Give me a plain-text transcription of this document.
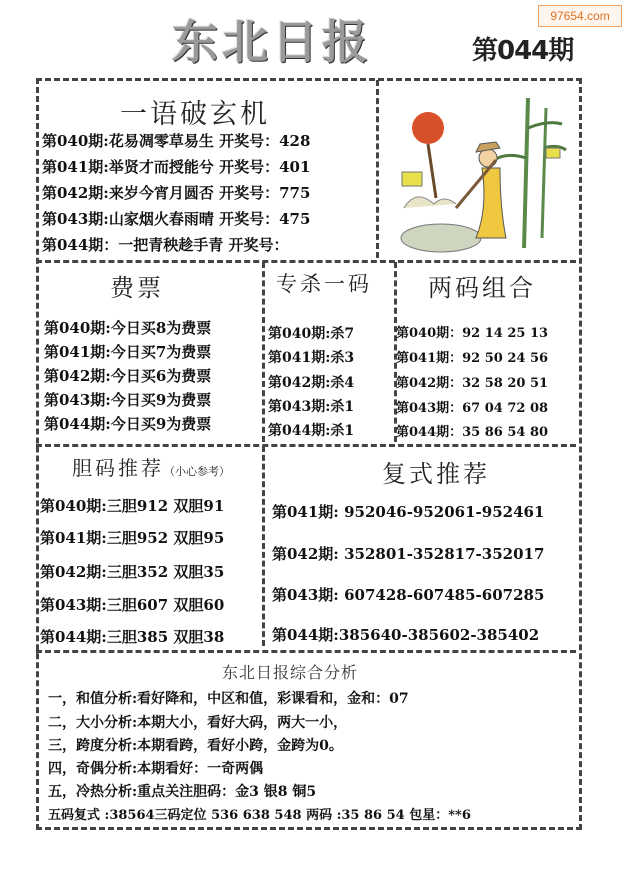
97654.com
东北日报	第044期
一语破玄机
第040期:花易凋零草易生 开奖号：428
第041期:举贤才而授能兮 开奖号：401
第042期:来岁今宵月圆否 开奖号：775
第043期:山家烟火春雨晴 开奖号：475
第044期：一把青秧趁手青 开奖号：
费票
第040期:今日买8为费票
第041期:今日买7为费票
第042期:今日买6为费票
第043期:今日买9为费票
第044期:今日买9为费票
专杀一码
第040期:杀7
第041期:杀3
第042期:杀4
第043期:杀1
第044期:杀1
两码组合
第040期：92 14 25 13
第041期：92 50 24 56
第042期：32 58 20 51
第043期：67 04 72 08
第044期：35 86 54 80
胆码推荐（小心参考）
第040期:三胆912 双胆91
第041期:三胆952 双胆95
第042期:三胆352 双胆35
第043期:三胆607 双胆60
第044期:三胆385 双胆38
复式推荐
第041期: 952046-952061-952461
第042期: 352801-352817-352017
第043期: 607428-607485-607285
第044期:385640-385602-385402
东北日报综合分析
一，和值分析:看好降和，中区和值，彩课看和，金和：07
二，大小分析:本期大小，看好大码，两大一小，
三，跨度分析:本期看跨，看好小跨，金跨为0。
四，奇偶分析:本期看好：一奇两偶
五，冷热分析:重点关注胆码：金3 银8 铜5
五码复式 :38564三码定位 536 638 548 两码 :35 86 54 包星：**6
